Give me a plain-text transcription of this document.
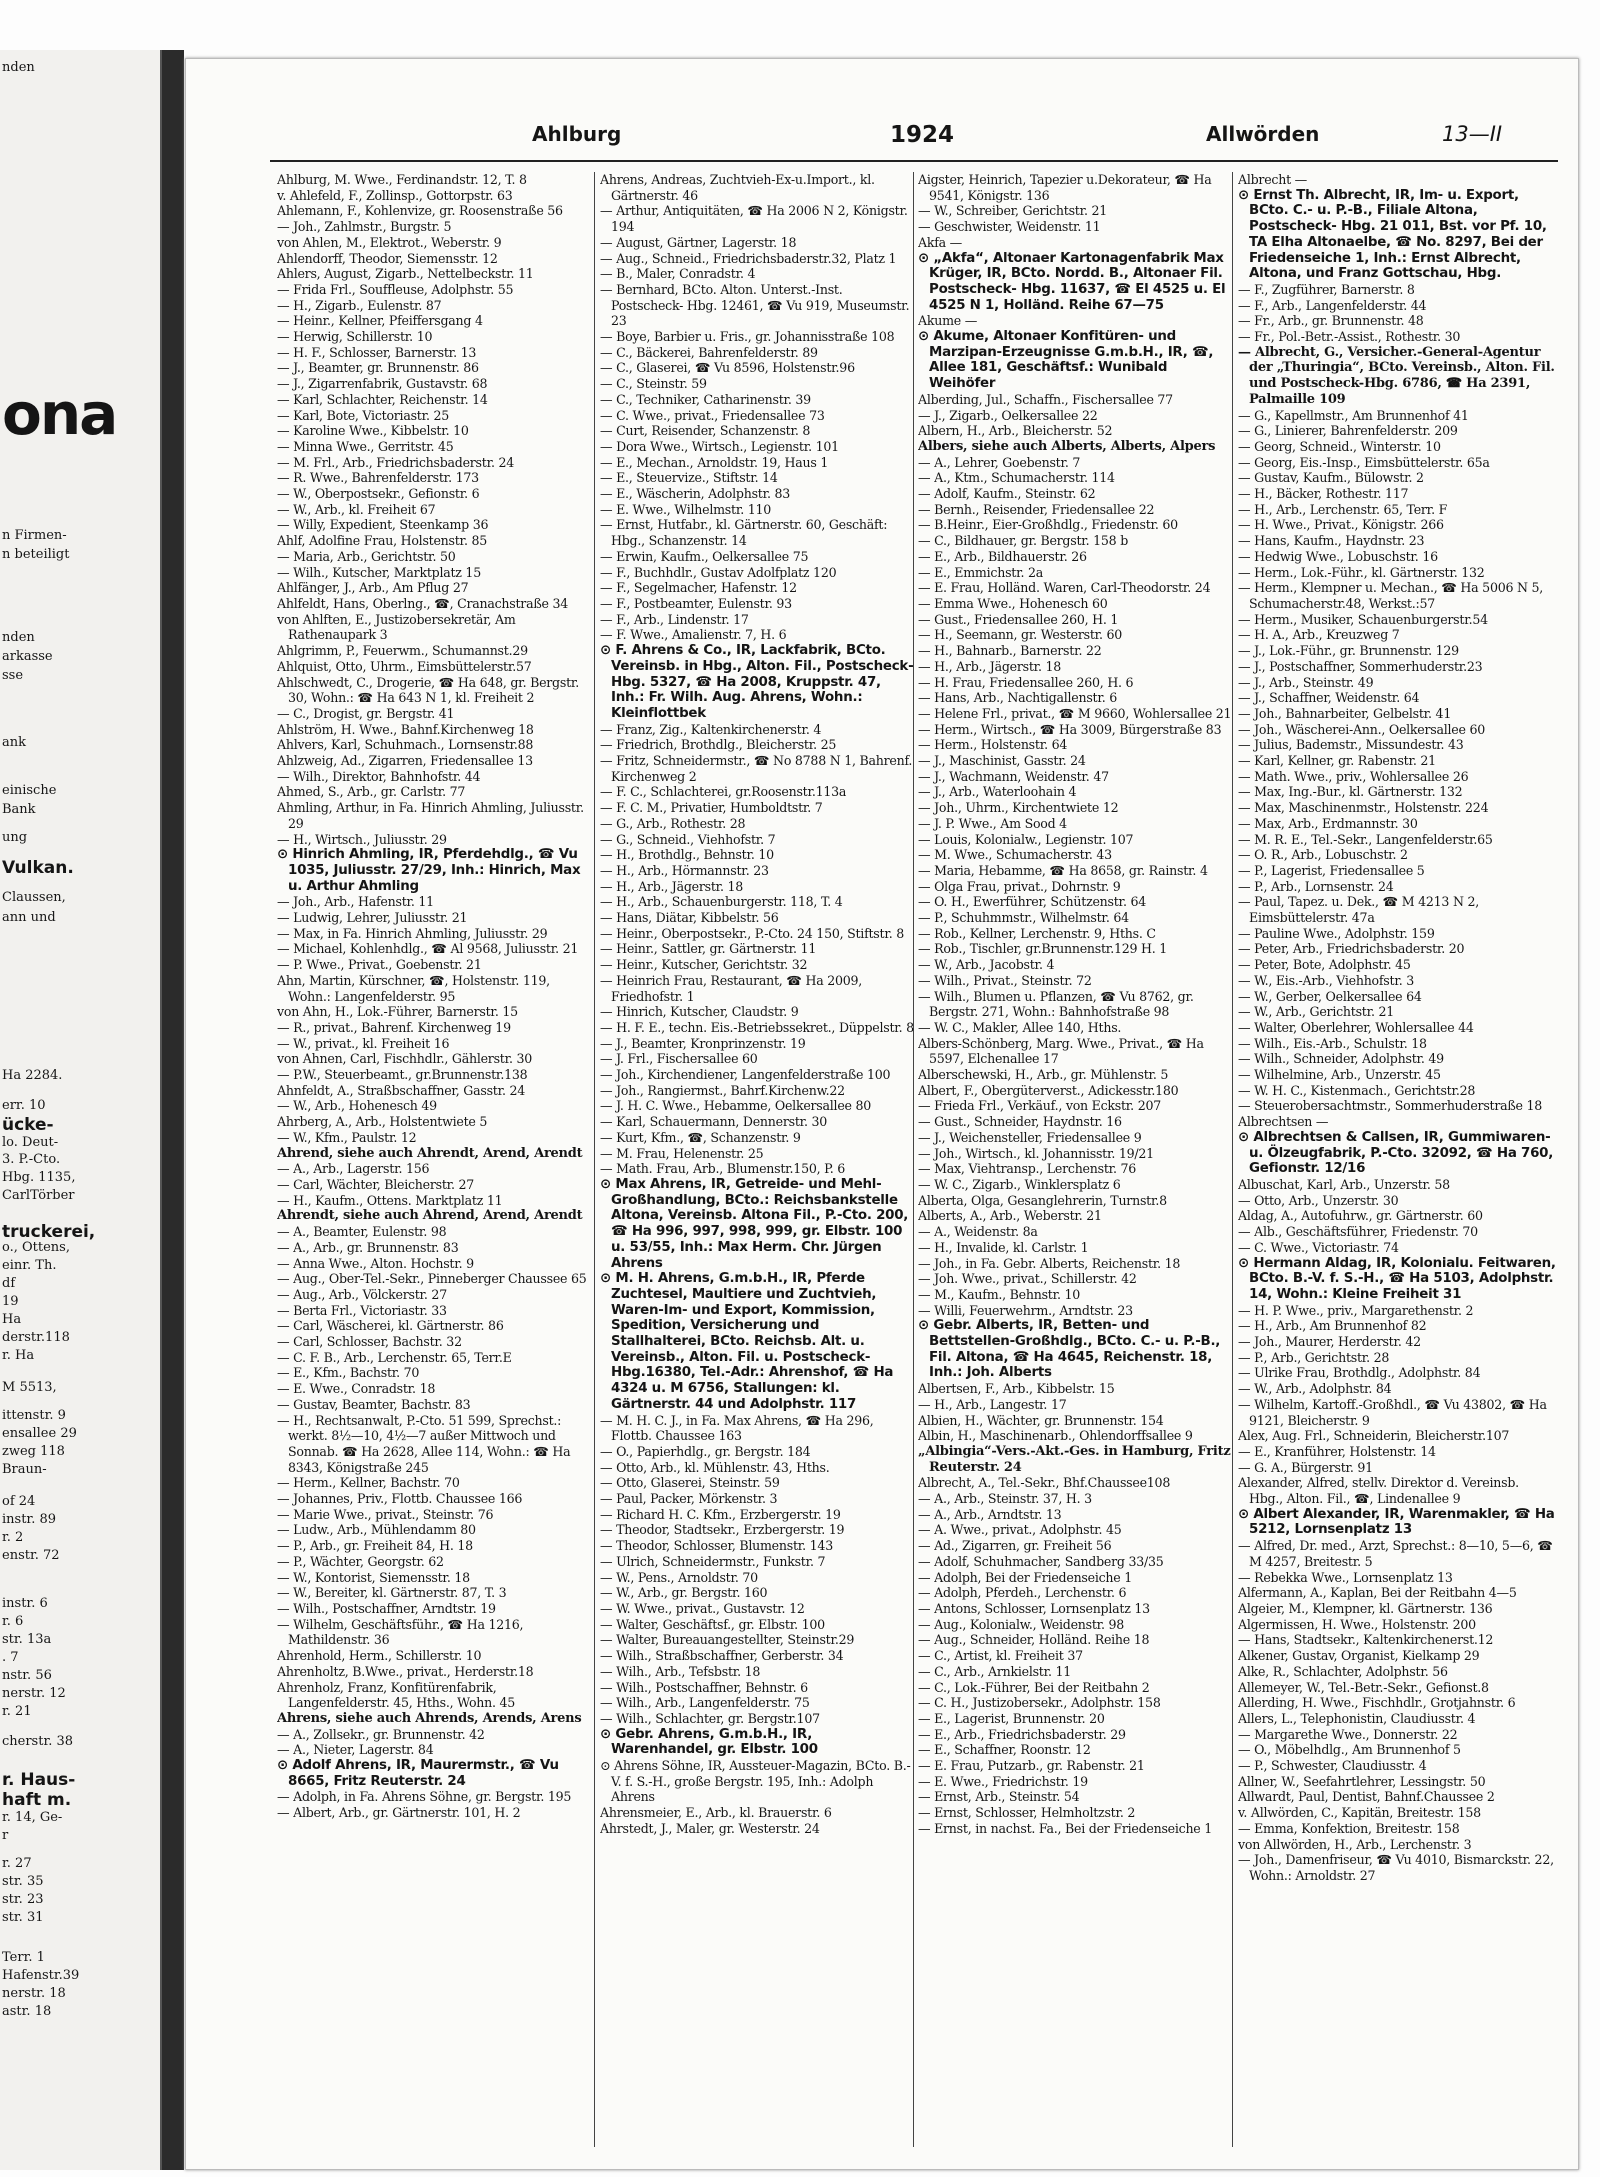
nden
ona
n Firmen-
n beteiligt
nden
arkasse
sse
ank
einische
Bank
ung
Vulkan.
Claussen,
ann und
Ha 2284.
err. 10
ücke-
lo. Deut-
3. P.-Cto.
Hbg. 1135,
CarlTörber
truckerei,
o., Ottens,
einr. Th.
df
19
Ha
derstr.118
r. Ha
M 5513,
ittenstr. 9
ensallee 29
zweg 118
Braun-
of 24
instr. 89
r. 2
enstr. 72
instr. 6
r. 6
str. 13a
. 7
nstr. 56
nerstr. 12
r. 21
cherstr. 38
r. Haus-
haft m.
r. 14, Ge-
r
r. 27
str. 35
str. 23
str. 31
Terr. 1
Hafenstr.39
nerstr. 18
astr. 18
Ahlburg	1924	Allwörden	13—II

Ahlburg, M. Wwe., Ferdinandstr. 12, T. 8

v. Ahlefeld, F., Zollinsp., Gottorpstr. 63

Ahlemann, F., Kohlenvize, gr. Roosenstraße 56

— Joh., Zahlmstr., Burgstr. 5

von Ahlen, M., Elektrot., Weberstr. 9

Ahlendorff, Theodor, Siemensstr. 12

Ahlers, August, Zigarb., Nettelbeckstr. 11

— Frida Frl., Souffleuse, Adolphstr. 55

— H., Zigarb., Eulenstr. 87

— Heinr., Kellner, Pfeiffersgang 4

— Herwig, Schillerstr. 10

— H. F., Schlosser, Barnerstr. 13

— J., Beamter, gr. Brunnenstr. 86

— J., Zigarrenfabrik, Gustavstr. 68

— Karl, Schlachter, Reichenstr. 14

— Karl, Bote, Victoriastr. 25

— Karoline Wwe., Kibbelstr. 10

— Minna Wwe., Gerritstr. 45

— M. Frl., Arb., Friedrichsbaderstr. 24

— R. Wwe., Bahrenfelderstr. 173

— W., Oberpostsekr., Gefionstr. 6

— W., Arb., kl. Freiheit 67

— Willy, Expedient, Steenkamp 36

Ahlf, Adolfine Frau, Holstenstr. 85

— Maria, Arb., Gerichtstr. 50

— Wilh., Kutscher, Marktplatz 15

Ahlfänger, J., Arb., Am Pflug 27

Ahlfeldt, Hans, Oberlng., ☎, Cranachstraße 34

von Ahlften, E., Justizobersekretär, Am Rathenaupark 3

Ahlgrimm, P., Feuerwm., Schumannst.29

Ahlquist, Otto, Uhrm., Eimsbüttelerstr.57

Ahlschwedt, C., Drogerie, ☎ Ha 648, gr. Bergstr. 30, Wohn.: ☎ Ha 643 N 1, kl. Freiheit 2

— C., Drogist, gr. Bergstr. 41

Ahlström, H. Wwe., Bahnf.Kirchenweg 18

Ahlvers, Karl, Schuhmach., Lornsenstr.88

Ahlzweig, Ad., Zigarren, Friedensallee 13

— Wilh., Direktor, Bahnhofstr. 44

Ahmed, S., Arb., gr. Carlstr. 77

Ahmling, Arthur, in Fa. Hinrich Ahmling, Juliusstr. 29

— H., Wirtsch., Juliusstr. 29

⊙ Hinrich Ahmling, IR, Pferdehdlg., ☎ Vu 1035, Juliusstr. 27/29, Inh.: Hinrich, Max u. Arthur Ahmling

— Joh., Arb., Hafenstr. 11

— Ludwig, Lehrer, Juliusstr. 21

— Max, in Fa. Hinrich Ahmling, Juliusstr. 29

— Michael, Kohlenhdlg., ☎ Al 9568, Juliusstr. 21

— P. Wwe., Privat., Goebenstr. 21

Ahn, Martin, Kürschner, ☎, Holstenstr. 119, Wohn.: Langenfelderstr. 95

von Ahn, H., Lok.-Führer, Barnerstr. 15

— R., privat., Bahrenf. Kirchenweg 19

— W., privat., kl. Freiheit 16

von Ahnen, Carl, Fischhdlr., Gählerstr. 30

— P.W., Steuerbeamt., gr.Brunnenstr.138

Ahnfeldt, A., Straßbschaffner, Gasstr. 24

— W., Arb., Hohenesch 49

Ahrberg, A., Arb., Holstentwiete 5

— W., Kfm., Paulstr. 12

Ahrend, siehe auch Ahrendt, Arend, Arendt

— A., Arb., Lagerstr. 156

— Carl, Wächter, Bleicherstr. 27

— H., Kaufm., Ottens. Marktplatz 11

Ahrendt, siehe auch Ahrend, Arend, Arendt

— A., Beamter, Eulenstr. 98

— A., Arb., gr. Brunnenstr. 83

— Anna Wwe., Alton. Hochstr. 9

— Aug., Ober-Tel.-Sekr., Pinneberger Chaussee 65

— Aug., Arb., Völckerstr. 27

— Berta Frl., Victoriastr. 33

— Carl, Wäscherei, kl. Gärtnerstr. 86

— Carl, Schlosser, Bachstr. 32

— C. F. B., Arb., Lerchenstr. 65, Terr.E

— E., Kfm., Bachstr. 70

— E. Wwe., Conradstr. 18

— Gustav, Beamter, Bachstr. 83

— H., Rechtsanwalt, P.-Cto. 51 599, Sprechst.: werkt. 8½—10, 4½—7 außer Mittwoch und Sonnab. ☎ Ha 2628, Allee 114, Wohn.: ☎ Ha 8343, Königstraße 245

— Herm., Kellner, Bachstr. 70

— Johannes, Priv., Flottb. Chaussee 166

— Marie Wwe., privat., Steinstr. 76

— Ludw., Arb., Mühlendamm 80

— P., Arb., gr. Freiheit 84, H. 18

— P., Wächter, Georgstr. 62

— W., Kontorist, Siemensstr. 18

— W., Bereiter, kl. Gärtnerstr. 87, T. 3

— Wilh., Postschaffner, Arndtstr. 19

— Wilhelm, Geschäftsführ., ☎ Ha 1216, Mathildenstr. 36

Ahrenhold, Herm., Schillerstr. 10

Ahrenholtz, B.Wwe., privat., Herderstr.18

Ahrenholz, Franz, Konfitürenfabrik, Langenfelderstr. 45, Hths., Wohn. 45

Ahrens, siehe auch Ahrends, Arends, Arens

— A., Zollsekr., gr. Brunnenstr. 42

— A., Nieter, Lagerstr. 84

⊙ Adolf Ahrens, IR, Maurermstr., ☎ Vu 8665, Fritz Reuterstr. 24

— Adolph, in Fa. Ahrens Söhne, gr. Bergstr. 195

— Albert, Arb., gr. Gärtnerstr. 101, H. 2

Ahrens, Andreas, Zuchtvieh-Ex-u.Import., kl. Gärtnerstr. 46

— Arthur, Antiquitäten, ☎ Ha 2006 N 2, Königstr. 194

— August, Gärtner, Lagerstr. 18

— Aug., Schneid., Friedrichsbaderstr.32, Platz 1

— B., Maler, Conradstr. 4

— Bernhard, BCto. Alton. Unterst.-Inst. Postscheck- Hbg. 12461, ☎ Vu 919, Museumstr. 23

— Boye, Barbier u. Fris., gr. Johannisstraße 108

— C., Bäckerei, Bahrenfelderstr. 89

— C., Glaserei, ☎ Vu 8596, Holstenstr.96

— C., Steinstr. 59

— C., Techniker, Catharinenstr. 39

— C. Wwe., privat., Friedensallee 73

— Curt, Reisender, Schanzenstr. 8

— Dora Wwe., Wirtsch., Legienstr. 101

— E., Mechan., Arnoldstr. 19, Haus 1

— E., Steuervize., Stiftstr. 14

— E., Wäscherin, Adolphstr. 83

— E. Wwe., Wilhelmstr. 110

— Ernst, Hutfabr., kl. Gärtnerstr. 60, Geschäft: Hbg., Schanzenstr. 14

— Erwin, Kaufm., Oelkersallee 75

— F., Buchhdlr., Gustav Adolfplatz 120

— F., Segelmacher, Hafenstr. 12

— F., Postbeamter, Eulenstr. 93

— F., Arb., Lindenstr. 17

— F. Wwe., Amalienstr. 7, H. 6

⊙ F. Ahrens & Co., IR, Lackfabrik, BCto. Vereinsb. in Hbg., Alton. Fil., Postscheck- Hbg. 5327, ☎ Ha 2008, Kruppstr. 47, Inh.: Fr. Wilh. Aug. Ahrens, Wohn.: Kleinflottbek

— Franz, Zig., Kaltenkirchenerstr. 4

— Friedrich, Brothdlg., Bleicherstr. 25

— Fritz, Schneidermstr., ☎ No 8788 N 1, Bahrenf. Kirchenweg 2

— F. C., Schlachterei, gr.Roosenstr.113a

— F. C. M., Privatier, Humboldtstr. 7

— G., Arb., Rothestr. 28

— G., Schneid., Viehhofstr. 7

— H., Brothdlg., Behnstr. 10

— H., Arb., Hörmannstr. 23

— H., Arb., Jägerstr. 18

— H., Arb., Schauenburgerstr. 118, T. 4

— Hans, Diätar, Kibbelstr. 56

— Heinr., Oberpostsekr., P.-Cto. 24 150, Stiftstr. 8

— Heinr., Sattler, gr. Gärtnerstr. 11

— Heinr., Kutscher, Gerichtstr. 32

— Heinrich Frau, Restaurant, ☎ Ha 2009, Friedhofstr. 1

— Hinrich, Kutscher, Claudstr. 9

— H. F. E., techn. Eis.-Betriebssekret., Düppelstr. 8

— J., Beamter, Kronprinzenstr. 19

— J. Frl., Fischersallee 60

— Joh., Kirchendiener, Langenfelderstraße 100

— Joh., Rangiermst., Bahrf.Kirchenw.22

— J. H. C. Wwe., Hebamme, Oelkersallee 80

— Karl, Schauermann, Dennerstr. 30

— Kurt, Kfm., ☎, Schanzenstr. 9

— M. Frau, Helenenstr. 25

— Math. Frau, Arb., Blumenstr.150, P. 6

⊙ Max Ahrens, IR, Getreide- und Mehl-Großhandlung, BCto.: Reichsbankstelle Altona, Vereinsb. Altona Fil., P.-Cto. 200, ☎ Ha 996, 997, 998, 999, gr. Elbstr. 100 u. 53/55, Inh.: Max Herm. Chr. Jürgen Ahrens

⊙ M. H. Ahrens, G.m.b.H., IR, Pferde Zuchtesel, Maultiere und Zuchtvieh, Waren-Im- und Export, Kommission, Spedition, Versicherung und Stallhalterei, BCto. Reichsb. Alt. u. Vereinsb., Alton. Fil. u. Postscheck-Hbg.16380, Tel.-Adr.: Ahrenshof, ☎ Ha 4324 u. M 6756, Stallungen: kl. Gärtnerstr. 44 und Adolphstr. 117

— M. H. C. J., in Fa. Max Ahrens, ☎ Ha 296, Flottb. Chaussee 163

— O., Papierhdlg., gr. Bergstr. 184

— Otto, Arb., kl. Mühlenstr. 43, Hths.

— Otto, Glaserei, Steinstr. 59

— Paul, Packer, Mörkenstr. 3

— Richard H. C. Kfm., Erzbergerstr. 19

— Theodor, Stadtsekr., Erzbergerstr. 19

— Theodor, Schlosser, Blumenstr. 143

— Ulrich, Schneidermstr., Funkstr. 7

— W., Pens., Arnoldstr. 70

— W., Arb., gr. Bergstr. 160

— W. Wwe., privat., Gustavstr. 12

— Walter, Geschäftsf., gr. Elbstr. 100

— Walter, Bureauangestellter, Steinstr.29

— Wilh., Straßbschaffner, Gerberstr. 34

— Wilh., Arb., Tefsbstr. 18

— Wilh., Postschaffner, Behnstr. 6

— Wilh., Arb., Langenfelderstr. 75

— Wilh., Schlachter, gr. Bergstr.107

⊙ Gebr. Ahrens, G.m.b.H., IR, Warenhandel, gr. Elbstr. 100

⊙ Ahrens Söhne, IR, Aussteuer-Magazin, BCto. B.-V. f. S.-H., große Bergstr. 195, Inh.: Adolph Ahrens

Ahrensmeier, E., Arb., kl. Brauerstr. 6

Ahrstedt, J., Maler, gr. Westerstr. 24

Aigster, Heinrich, Tapezier u.Dekorateur, ☎ Ha 9541, Königstr. 136

— W., Schreiber, Gerichtstr. 21

— Geschwister, Weidenstr. 11

Akfa —

⊙ „Akfa“, Altonaer Kartonagenfabrik Max Krüger, IR, BCto. Nordd. B., Altonaer Fil. Postscheck- Hbg. 11637, ☎ El 4525 u. El 4525 N 1, Holländ. Reihe 67—75

Akume —

⊙ Akume, Altonaer Konfitüren- und Marzipan-Erzeugnisse G.m.b.H., IR, ☎, Allee 181, Geschäftsf.: Wunibald Weihöfer

Alberding, Jul., Schaffn., Fischersallee 77

— J., Zigarb., Oelkersallee 22

Albern, H., Arb., Bleicherstr. 52

Albers, siehe auch Alberts, Alberts, Alpers

— A., Lehrer, Goebenstr. 7

— A., Ktm., Schumacherstr. 114

— Adolf, Kaufm., Steinstr. 62

— Bernh., Reisender, Friedensallee 22

— B.Heinr., Eier-Großhdlg., Friedenstr. 60

— C., Bildhauer, gr. Bergstr. 158 b

— E., Arb., Bildhauerstr. 26

— E., Emmichstr. 2a

— E. Frau, Holländ. Waren, Carl-Theodorstr. 24

— Emma Wwe., Hohenesch 60

— Gust., Friedensallee 260, H. 1

— H., Seemann, gr. Westerstr. 60

— H., Bahnarb., Barnerstr. 22

— H., Arb., Jägerstr. 18

— H. Frau, Friedensallee 260, H. 6

— Hans, Arb., Nachtigallenstr. 6

— Helene Frl., privat., ☎ M 9660, Wohlersallee 21

— Herm., Wirtsch., ☎ Ha 3009, Bürgerstraße 83

— Herm., Holstenstr. 64

— J., Maschinist, Gasstr. 24

— J., Wachmann, Weidenstr. 47

— J., Arb., Waterloohain 4

— Joh., Uhrm., Kirchentwiete 12

— J. P. Wwe., Am Sood 4

— Louis, Kolonialw., Legienstr. 107

— M. Wwe., Schumacherstr. 43

— Maria, Hebamme, ☎ Ha 8658, gr. Rainstr. 4

— Olga Frau, privat., Dohrnstr. 9

— O. H., Ewerführer, Schützenstr. 64

— P., Schuhmmstr., Wilhelmstr. 64

— Rob., Kellner, Lerchenstr. 9, Hths. C

— Rob., Tischler, gr.Brunnenstr.129 H. 1

— W., Arb., Jacobstr. 4

— Wilh., Privat., Steinstr. 72

— Wilh., Blumen u. Pflanzen, ☎ Vu 8762, gr. Bergstr. 271, Wohn.: Bahnhofstraße 98

— W. C., Makler, Allee 140, Hths.

Albers-Schönberg, Marg. Wwe., Privat., ☎ Ha 5597, Elchenallee 17

Alberschewski, H., Arb., gr. Mühlenstr. 5

Albert, F., Obergüterverst., Adickesstr.180

— Frieda Frl., Verkäuf., von Eckstr. 207

— Gust., Schneider, Haydnstr. 16

— J., Weichensteller, Friedensallee 9

— Joh., Wirtsch., kl. Johannisstr. 19/21

— Max, Viehtransp., Lerchenstr. 76

— W. C., Zigarb., Winklersplatz 6

Alberta, Olga, Gesanglehrerin, Turnstr.8

Alberts, A., Arb., Weberstr. 21

— A., Weidenstr. 8a

— H., Invalide, kl. Carlstr. 1

— Joh., in Fa. Gebr. Alberts, Reichenstr. 18

— Joh. Wwe., privat., Schillerstr. 42

— M., Kaufm., Behnstr. 10

— Willi, Feuerwehrm., Arndtstr. 23

⊙ Gebr. Alberts, IR, Betten- und Bettstellen-Großhdlg., BCto. C.- u. P.-B., Fil. Altona, ☎ Ha 4645, Reichenstr. 18, Inh.: Joh. Alberts

Albertsen, F., Arb., Kibbelstr. 15

— H., Arb., Langestr. 17

Albien, H., Wächter, gr. Brunnenstr. 154

Albin, H., Maschinenarb., Ohlendorffsallee 9

„Albingia“-Vers.-Akt.-Ges. in Hamburg, Fritz Reuterstr. 24

Albrecht, A., Tel.-Sekr., Bhf.Chaussee108

— A., Arb., Steinstr. 37, H. 3

— A., Arb., Arndtstr. 13

— A. Wwe., privat., Adolphstr. 45

— Ad., Zigarren, gr. Freiheit 56

— Adolf, Schuhmacher, Sandberg 33/35

— Adolph, Bei der Friedenseiche 1

— Adolph, Pferdeh., Lerchenstr. 6

— Antons, Schlosser, Lornsenplatz 13

— Aug., Kolonialw., Weidenstr. 98

— Aug., Schneider, Holländ. Reihe 18

— C., Artist, kl. Freiheit 37

— C., Arb., Arnkielstr. 11

— C., Lok.-Führer, Bei der Reitbahn 2

— C. H., Justizobersekr., Adolphstr. 158

— E., Lagerist, Brunnenstr. 20

— E., Arb., Friedrichsbaderstr. 29

— E., Schaffner, Roonstr. 12

— E. Frau, Putzarb., gr. Rabenstr. 21

— E. Wwe., Friedrichstr. 19

— Ernst, Arb., Steinstr. 54

— Ernst, Schlosser, Helmholtzstr. 2

— Ernst, in nachst. Fa., Bei der Friedenseiche 1

Albrecht —

⊙ Ernst Th. Albrecht, IR, Im- u. Export, BCto. C.- u. P.-B., Filiale Altona, Postscheck- Hbg. 21 011, Bst. vor Pf. 10, TA Elha Altonaelbe, ☎ No. 8297, Bei der Friedenseiche 1, Inh.: Ernst Albrecht, Altona, und Franz Gottschau, Hbg.

— F., Zugführer, Barnerstr. 8

— F., Arb., Langenfelderstr. 44

— Fr., Arb., gr. Brunnenstr. 48

— Fr., Pol.-Betr.-Assist., Rothestr. 30

— Albrecht, G., Versicher.-General-Agentur der „Thuringia“, BCto. Vereinsb., Alton. Fil. und Postscheck-Hbg. 6786, ☎ Ha 2391, Palmaille 109

— G., Kapellmstr., Am Brunnenhof 41

— G., Linierer, Bahrenfelderstr. 209

— Georg, Schneid., Winterstr. 10

— Georg, Eis.-Insp., Eimsbüttelerstr. 65a

— Gustav, Kaufm., Bülowstr. 2

— H., Bäcker, Rothestr. 117

— H., Arb., Lerchenstr. 65, Terr. F

— H. Wwe., Privat., Königstr. 266

— Hans, Kaufm., Haydnstr. 23

— Hedwig Wwe., Lobuschstr. 16

— Herm., Lok.-Führ., kl. Gärtnerstr. 132

— Herm., Klempner u. Mechan., ☎ Ha 5006 N 5, Schumacherstr.48, Werkst.:57

— Herm., Musiker, Schauenburgerstr.54

— H. A., Arb., Kreuzweg 7

— J., Lok.-Führ., gr. Brunnenstr. 129

— J., Postschaffner, Sommerhuderstr.23

— J., Arb., Steinstr. 49

— J., Schaffner, Weidenstr. 64

— Joh., Bahnarbeiter, Gelbelstr. 41

— Joh., Wäscherei-Ann., Oelkersallee 60

— Julius, Bademstr., Missundestr. 43

— Karl, Kellner, gr. Rabenstr. 21

— Math. Wwe., priv., Wohlersallee 26

— Max, Ing.-Bur., kl. Gärtnerstr. 132

— Max, Maschinenmstr., Holstenstr. 224

— Max, Arb., Erdmannstr. 30

— M. R. E., Tel.-Sekr., Langenfelderstr.65

— O. R., Arb., Lobuschstr. 2

— P., Lagerist, Friedensallee 5

— P., Arb., Lornsenstr. 24

— Paul, Tapez. u. Dek., ☎ M 4213 N 2, Eimsbüttelerstr. 47a

— Pauline Wwe., Adolphstr. 159

— Peter, Arb., Friedrichsbaderstr. 20

— Peter, Bote, Adolphstr. 45

— W., Eis.-Arb., Viehhofstr. 3

— W., Gerber, Oelkersallee 64

— W., Arb., Gerichtstr. 21

— Walter, Oberlehrer, Wohlersallee 44

— Wilh., Eis.-Arb., Schulstr. 18

— Wilh., Schneider, Adolphstr. 49

— Wilhelmine, Arb., Unzerstr. 45

— W. H. C., Kistenmach., Gerichtstr.28

— Steuerobersachtmstr., Sommerhuderstraße 18

Albrechtsen —

⊙ Albrechtsen & Callsen, IR, Gummiwaren- u. Ölzeugfabrik, P.-Cto. 32092, ☎ Ha 760, Gefionstr. 12/16

Albuschat, Karl, Arb., Unzerstr. 58

— Otto, Arb., Unzerstr. 30

Aldag, A., Autofuhrw., gr. Gärtnerstr. 60

— Alb., Geschäftsführer, Friedenstr. 70

— C. Wwe., Victoriastr. 74

⊙ Hermann Aldag, IR, Kolonialu. Feitwaren, BCto. B.-V. f. S.-H., ☎ Ha 5103, Adolphstr. 14, Wohn.: Kleine Freiheit 31

— H. P. Wwe., priv., Margarethenstr. 2

— H., Arb., Am Brunnenhof 82

— Joh., Maurer, Herderstr. 42

— P., Arb., Gerichtstr. 28

— Ulrike Frau, Brothdlg., Adolphstr. 84

— W., Arb., Adolphstr. 84

— Wilhelm, Kartoff.-Großhdl., ☎ Vu 43802, ☎ Ha 9121, Bleicherstr. 9

Alex, Aug. Frl., Schneiderin, Bleicherstr.107

— E., Kranführer, Holstenstr. 14

— G. A., Bürgerstr. 91

Alexander, Alfred, stellv. Direktor d. Vereinsb. Hbg., Alton. Fil., ☎, Lindenallee 9

⊙ Albert Alexander, IR, Warenmakler, ☎ Ha 5212, Lornsenplatz 13

— Alfred, Dr. med., Arzt, Sprechst.: 8—10, 5—6, ☎ M 4257, Breitestr. 5

— Rebekka Wwe., Lornsenplatz 13

Alfermann, A., Kaplan, Bei der Reitbahn 4—5

Algeier, M., Klempner, kl. Gärtnerstr. 136

Algermissen, H. Wwe., Holstenstr. 200

— Hans, Stadtsekr., Kaltenkirchenerst.12

Alkener, Gustav, Organist, Kielkamp 29

Alke, R., Schlachter, Adolphstr. 56

Allemeyer, W., Tel.-Betr.-Sekr., Gefionst.8

Allerding, H. Wwe., Fischhdlr., Grotjahnstr. 6

Allers, L., Telephonistin, Claudiusstr. 4

— Margarethe Wwe., Donnerstr. 22

— O., Möbelhdlg., Am Brunnenhof 5

— P., Schwester, Claudiusstr. 4

Allner, W., Seefahrtlehrer, Lessingstr. 50

Allwardt, Paul, Dentist, Bahnf.Chaussee 2

v. Allwörden, C., Kapitän, Breitestr. 158

— Emma, Konfektion, Breitestr. 158

von Allwörden, H., Arb., Lerchenstr. 3

— Joh., Damenfriseur, ☎ Vu 4010, Bismarckstr. 22, Wohn.: Arnoldstr. 27
